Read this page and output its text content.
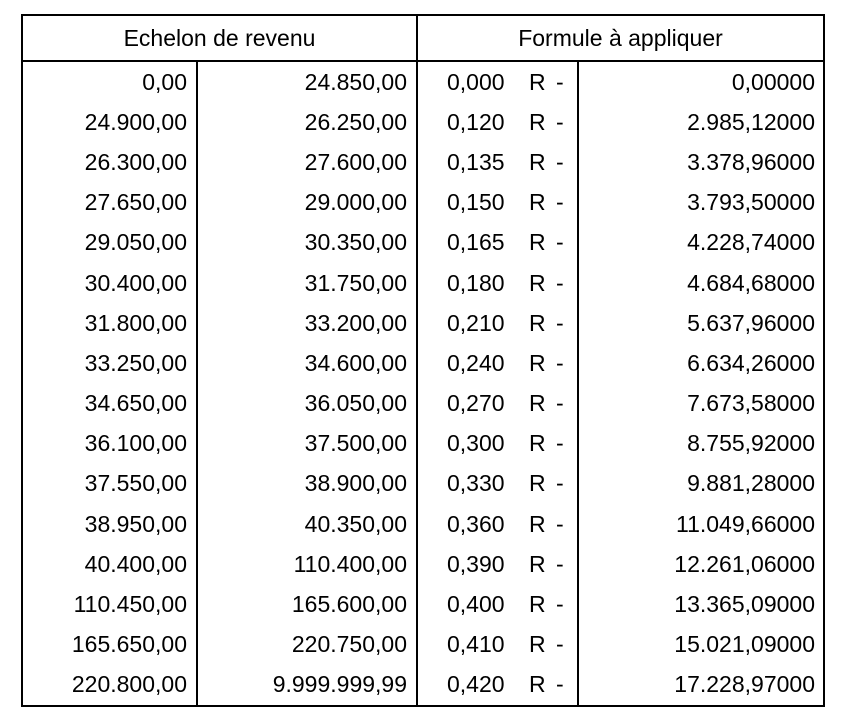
Echelon de revenu		Formule à appliquer			
0,00	24.850,00	0,000	R	-	0,00000
24.900,00	26.250,00	0,120	R	-	2.985,12000
26.300,00	27.600,00	0,135	R	-	3.378,96000
27.650,00	29.000,00	0,150	R	-	3.793,50000
29.050,00	30.350,00	0,165	R	-	4.228,74000
30.400,00	31.750,00	0,180	R	-	4.684,68000
31.800,00	33.200,00	0,210	R	-	5.637,96000
33.250,00	34.600,00	0,240	R	-	6.634,26000
34.650,00	36.050,00	0,270	R	-	7.673,58000
36.100,00	37.500,00	0,300	R	-	8.755,92000
37.550,00	38.900,00	0,330	R	-	9.881,28000
38.950,00	40.350,00	0,360	R	-	11.049,66000
40.400,00	110.400,00	0,390	R	-	12.261,06000
110.450,00	165.600,00	0,400	R	-	13.365,09000
165.650,00	220.750,00	0,410	R	-	15.021,09000
220.800,00	9.999.999,99	0,420	R	-	17.228,97000
